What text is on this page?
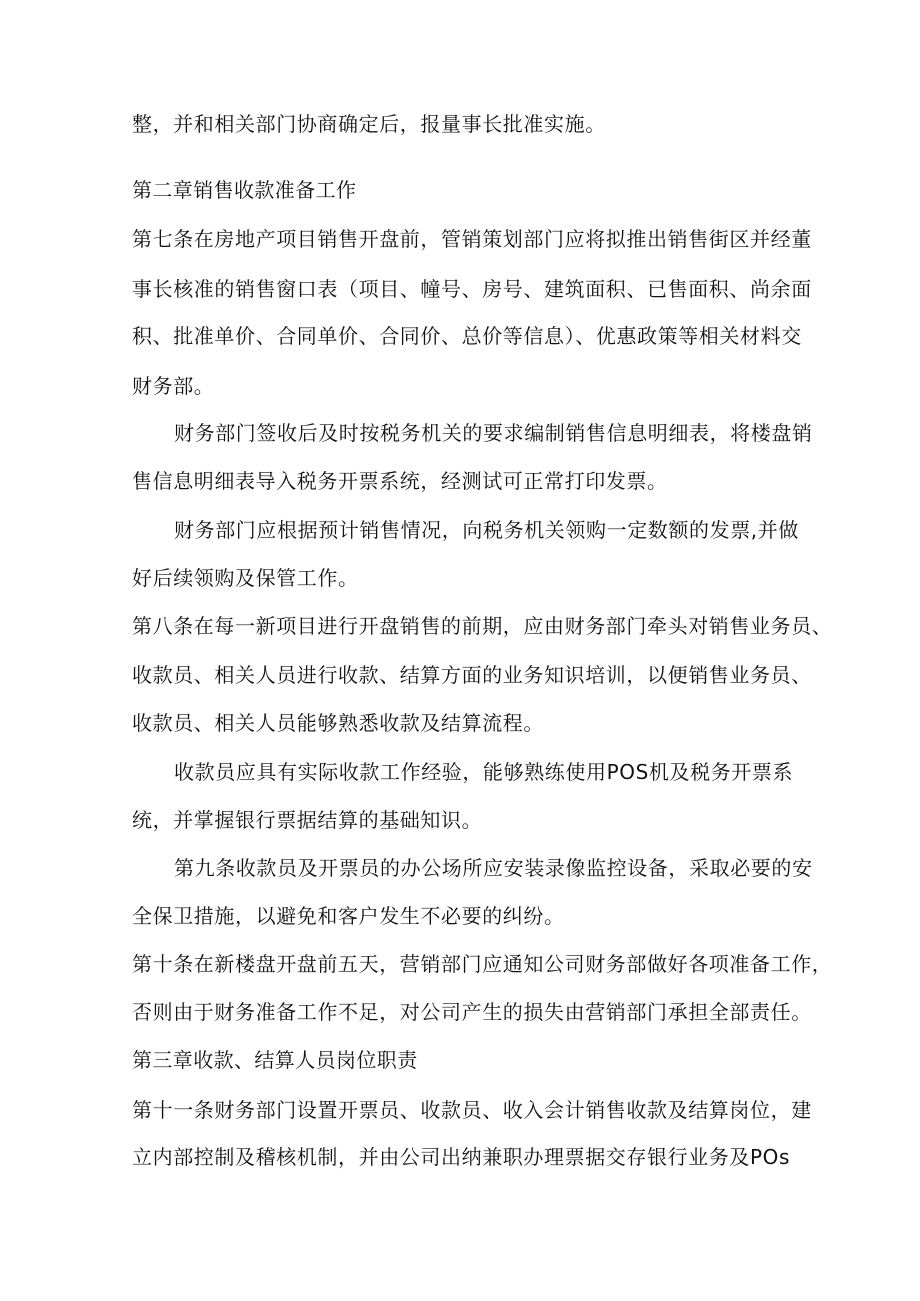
整，并和相关部门协商确定后，报量事长批准实施。
第二章销售收款准备工作
第七条在房地产项目销售开盘前，管销策划部门应将拟推出销售街区并经董
事长核准的销售窗口表（项目、幢号、房号、建筑面积、已售面积、尚余面
积、批准单价、合同单价、合同价、总价等信息）、优惠政策等相关材料交
财务部。
财务部门签收后及时按税务机关的要求编制销售信息明细表，将楼盘销
售信息明细表导入税务开票系统，经测试可正常打印发票。
财务部门应根据预计销售情况，向税务机关领购一定数额的发票,并做
好后续领购及保管工作。
第八条在每一新项目进行开盘销售的前期，应由财务部门牵头对销售业务员、
收款员、相关人员进行收款、结算方面的业务知识培训，以便销售业务员、
收款员、相关人员能够熟悉收款及结算流程。
收款员应具有实际收款工作经验，能够熟练使用POS机及税务开票系
统，并掌握银行票据结算的基础知识。
第九条收款员及开票员的办公场所应安装录像监控设备，采取必要的安
全保卫措施，以避免和客户发生不必要的纠纷。
第十条在新楼盘开盘前五天，营销部门应通知公司财务部做好各项准备工作，
否则由于财务准备工作不足，对公司产生的损失由营销部门承担全部责任。
第三章收款、结算人员岗位职责
第十一条财务部门设置开票员、收款员、收入会计销售收款及结算岗位，建
立内部控制及稽核机制，并由公司出纳兼职办理票据交存银行业务及POs
